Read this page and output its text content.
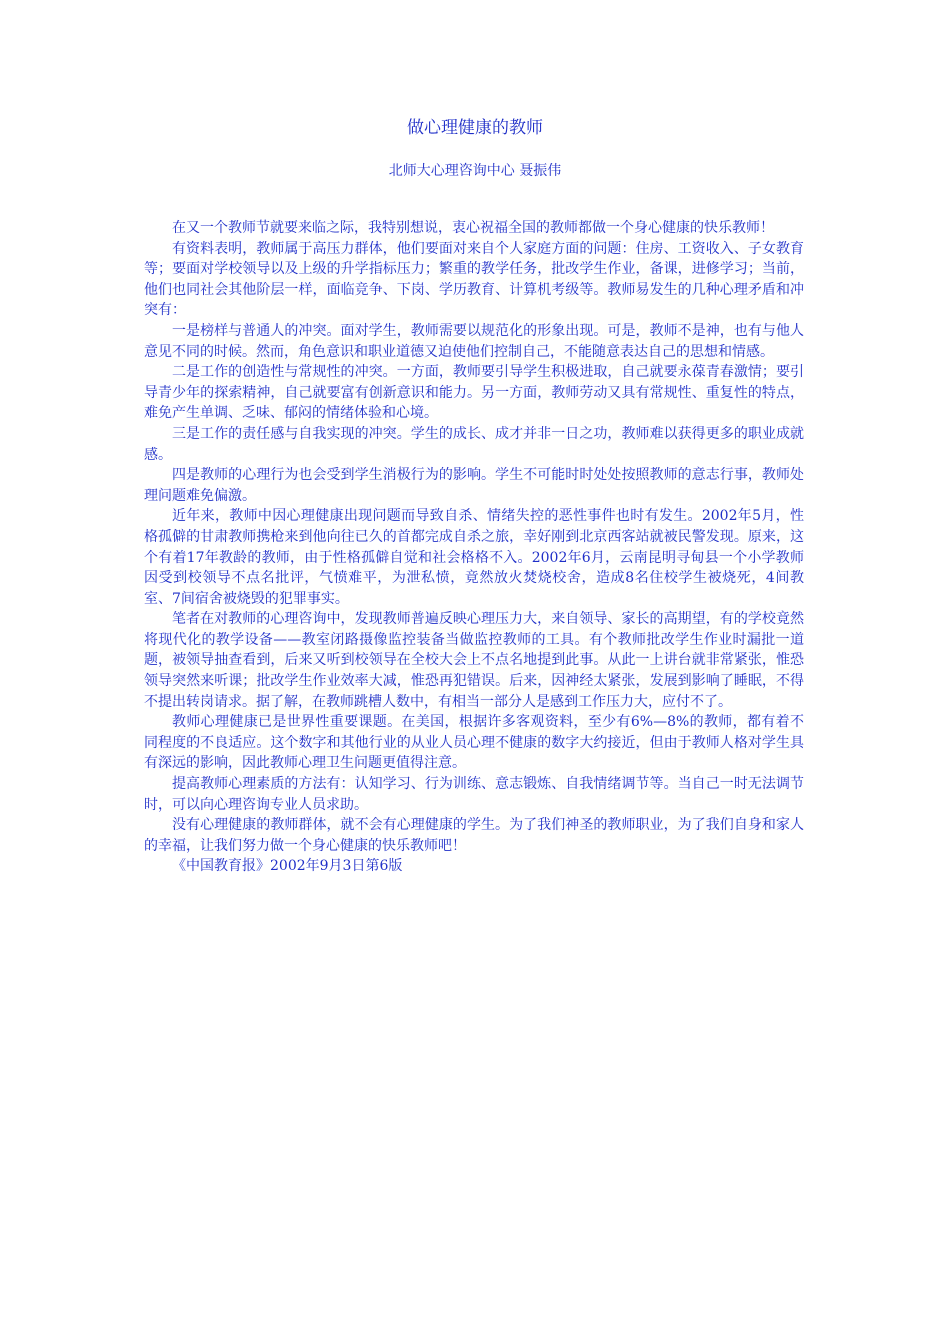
做心理健康的教师
北师大心理咨询中心 聂振伟

在又一个教师节就要来临之际，我特别想说，衷心祝福全国的教师都做一个身心健康的快乐教师！

有资料表明，教师属于高压力群体，他们要面对来自个人家庭方面的问题：住房、工资收入、子女教育等；要面对学校领导以及上级的升学指标压力；繁重的教学任务，批改学生作业，备课，进修学习；当前，他们也同社会其他阶层一样，面临竞争、下岗、学历教育、计算机考级等。教师易发生的几种心理矛盾和冲突有：

一是榜样与普通人的冲突。面对学生，教师需要以规范化的形象出现。可是，教师不是神，也有与他人意见不同的时候。然而，角色意识和职业道德又迫使他们控制自己，不能随意表达自己的思想和情感。

二是工作的创造性与常规性的冲突。一方面，教师要引导学生积极进取，自己就要永葆青春激情；要引导青少年的探索精神，自己就要富有创新意识和能力。另一方面，教师劳动又具有常规性、重复性的特点，难免产生单调、乏味、郁闷的情绪体验和心境。

三是工作的责任感与自我实现的冲突。学生的成长、成才并非一日之功，教师难以获得更多的职业成就感。

四是教师的心理行为也会受到学生消极行为的影响。学生不可能时时处处按照教师的意志行事，教师处理问题难免偏激。

近年来，教师中因心理健康出现问题而导致自杀、情绪失控的恶性事件也时有发生。2002年5月，性格孤僻的甘肃教师携枪来到他向往已久的首都完成自杀之旅，幸好刚到北京西客站就被民警发现。原来，这个有着17年教龄的教师，由于性格孤僻自觉和社会格格不入。2002年6月，云南昆明寻甸县一个小学教师因受到校领导不点名批评，气愤难平，为泄私愤，竟然放火焚烧校舍，造成8名住校学生被烧死，4间教室、7间宿舍被烧毁的犯罪事实。

笔者在对教师的心理咨询中，发现教师普遍反映心理压力大，来自领导、家长的高期望，有的学校竟然将现代化的教学设备——教室闭路摄像监控装备当做监控教师的工具。有个教师批改学生作业时漏批一道题，被领导抽查看到，后来又听到校领导在全校大会上不点名地提到此事。从此一上讲台就非常紧张，惟恐领导突然来听课；批改学生作业效率大减，惟恐再犯错误。后来，因神经太紧张，发展到影响了睡眠，不得不提出转岗请求。据了解，在教师跳槽人数中，有相当一部分人是感到工作压力大，应付不了。

教师心理健康已是世界性重要课题。在美国，根据许多客观资料，至少有6%—8%的教师，都有着不同程度的不良适应。这个数字和其他行业的从业人员心理不健康的数字大约接近，但由于教师人格对学生具有深远的影响，因此教师心理卫生问题更值得注意。

提高教师心理素质的方法有：认知学习、行为训练、意志锻炼、自我情绪调节等。当自己一时无法调节时，可以向心理咨询专业人员求助。

没有心理健康的教师群体，就不会有心理健康的学生。为了我们神圣的教师职业，为了我们自身和家人的幸福，让我们努力做一个身心健康的快乐教师吧！

《中国教育报》2002年9月3日第6版
